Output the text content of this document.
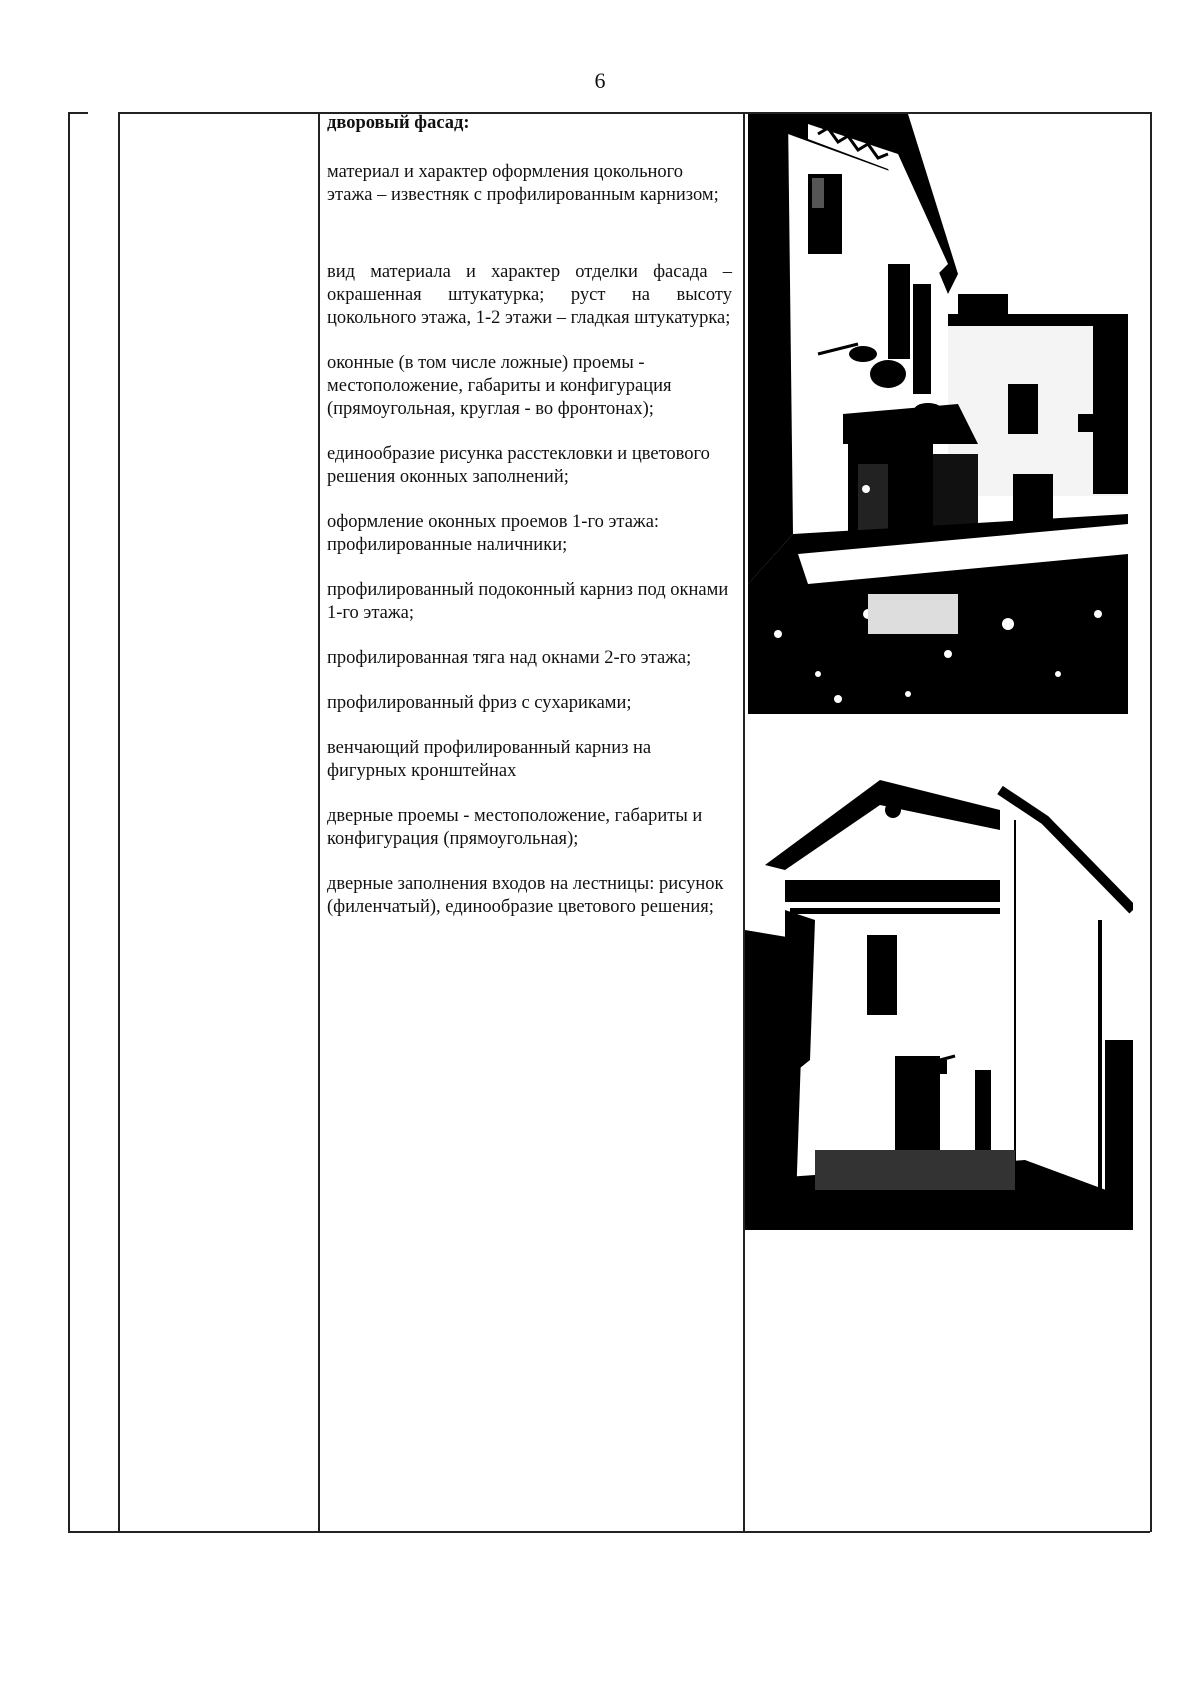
6

дворовый фасад:

материал и характер оформления цокольного этажа – известняк с профилированным карнизом;

вид материала и характер отделки фасада – окрашенная штукатурка; руст на высоту цокольного этажа, 1-2 этажи – гладкая штукатурка;

оконные (в том числе ложные) проемы - местоположение, габариты и конфигурация (прямоугольная, круглая - во фронтонах);

единообразие рисунка расстекловки и цветового решения оконных заполнений;

оформление оконных проемов 1-го этажа: профилированные наличники;

профилированный подоконный карниз под окнами 1-го этажа;

профилированная тяга над окнами 2-го этажа;

профилированный фриз с сухариками;

венчающий профилированный карниз на фигурных кронштейнах

дверные проемы - местоположение, габариты и конфигурация (прямоугольная);

дверные заполнения входов на лестницы: рисунок (филенчатый), единообразие цветового решения;
